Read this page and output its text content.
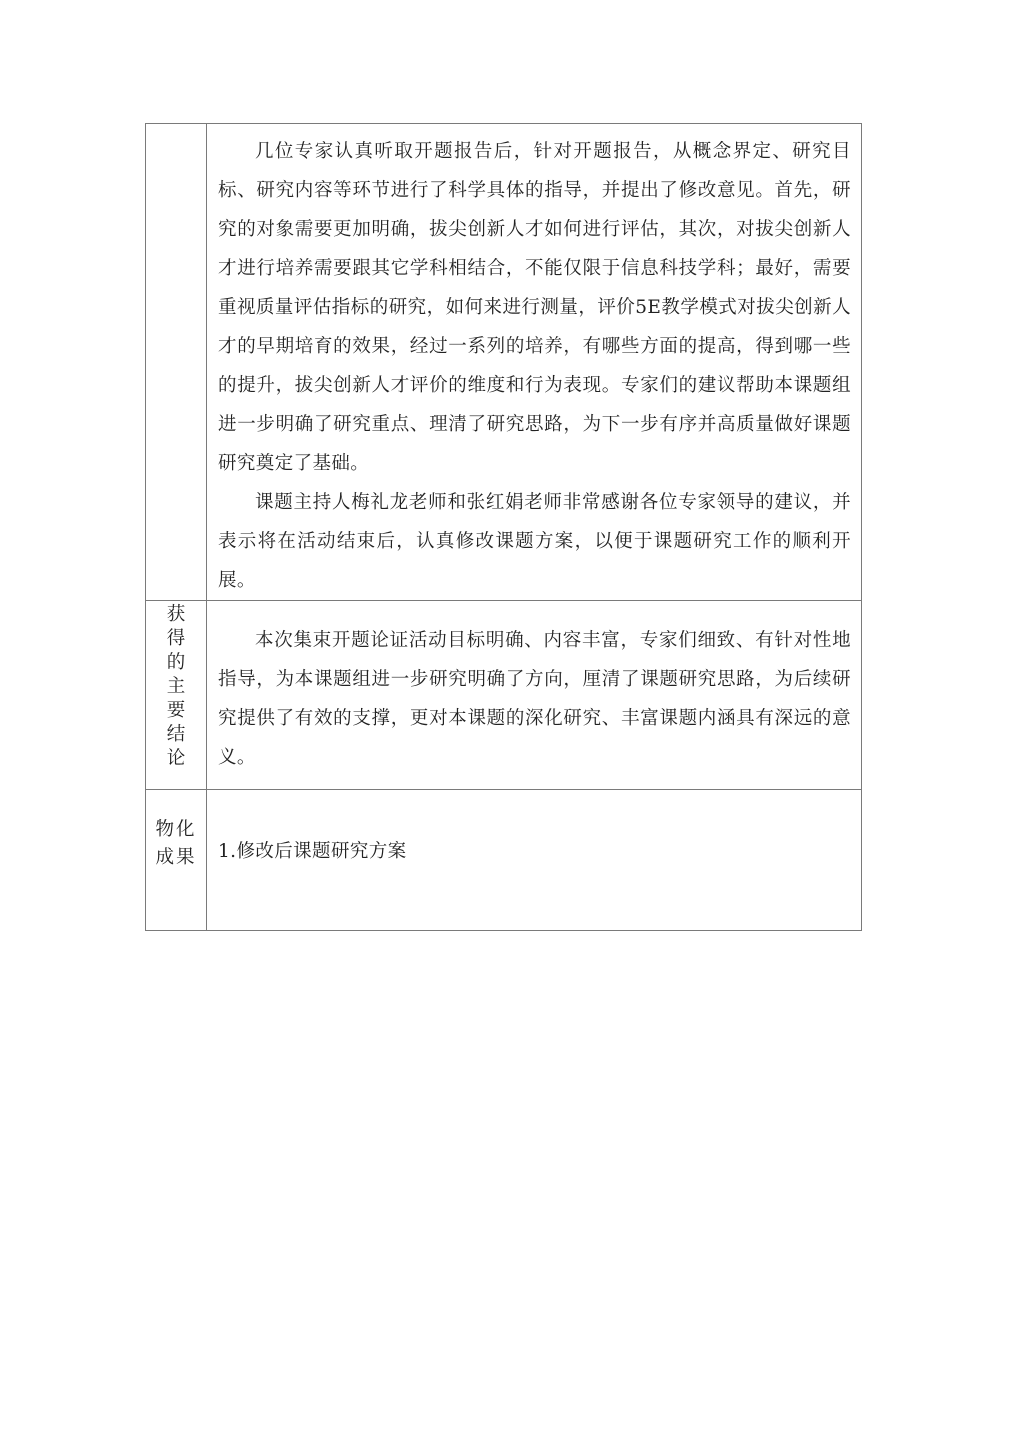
	几位专家认真听取开题报告后，针对开题报告，从概念界定、研究目标、研究内容等环节进行了科学具体的指导，并提出了修改意见。首先，研究的对象需要更加明确，拔尖创新人才如何进行评估，其次，对拔尖创新人才进行培养需要跟其它学科相结合，不能仅限于信息科技学科；最好，需要重视质量评估指标的研究，如何来进行测量，评价5E教学模式对拔尖创新人才的早期培育的效果，经过一系列的培养，有哪些方面的提高，得到哪一些的提升，拔尖创新人才评价的维度和行为表现。专家们的建议帮助本课题组进一步明确了研究重点、理清了研究思路，为下一步有序并高质量做好课题研究奠定了基础。

课题主持人梅礼龙老师和张红娟老师非常感谢各位专家领导的建议，并表示将在活动结束后，认真修改课题方案，以便于课题研究工作的顺利开展。

获得的主要结论	本次集束开题论证活动目标明确、内容丰富，专家们细致、有针对性地指导，为本课题组进一步研究明确了方向，厘清了课题研究思路，为后续研究提供了有效的支撑，更对本课题的深化研究、丰富课题内涵具有深远的意义。

物化成果	1.修改后课题研究方案
